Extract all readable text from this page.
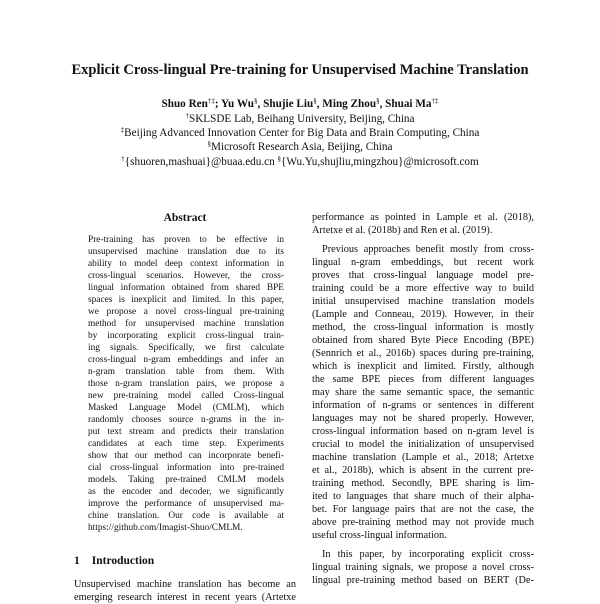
Explicit Cross-lingual Pre-training for Unsupervised Machine Translation
Shuo Ren†‡; Yu Wu§, Shujie Liu§, Ming Zhou§, Shuai Ma†‡
†SKLSDE Lab, Beihang University, Beijing, China
‡Beijing Advanced Innovation Center for Big Data and Brain Computing, China
§Microsoft Research Asia, Beijing, China
†{shuoren,mashuai}@buaa.edu.cn §{Wu.Yu,shujliu,mingzhou}@microsoft.com
Abstract
Pre-training has proven to be effective in
unsupervised machine translation due to its
ability to model deep context information in
cross-lingual scenarios. However, the cross-
lingual information obtained from shared BPE
spaces is inexplicit and limited. In this paper,
we propose a novel cross-lingual pre-training
method for unsupervised machine translation
by incorporating explicit cross-lingual train-
ing signals. Specifically, we first calculate
cross-lingual n-gram embeddings and infer an
n-gram translation table from them. With
those n-gram translation pairs, we propose a
new pre-training model called Cross-lingual
Masked Language Model (CMLM), which
randomly chooses source n-grams in the in-
put text stream and predicts their translation
candidates at each time step. Experiments
show that our method can incorporate benefi-
cial cross-lingual information into pre-trained
models. Taking pre-trained CMLM models
as the encoder and decoder, we significantly
improve the performance of unsupervised ma-
chine translation. Our code is available at
https://github.com/Imagist-Shuo/CMLM.
1 Introduction
Unsupervised machine translation has become an
emerging research interest in recent years (Artetxe
performance as pointed in Lample et al. (2018),
Artetxe et al. (2018b) and Ren et al. (2019).
Previous approaches benefit mostly from cross-
lingual n-gram embeddings, but recent work
proves that cross-lingual language model pre-
training could be a more effective way to build
initial unsupervised machine translation models
(Lample and Conneau, 2019). However, in their
method, the cross-lingual information is mostly
obtained from shared Byte Piece Encoding (BPE)
(Sennrich et al., 2016b) spaces during pre-training,
which is inexplicit and limited. Firstly, although
the same BPE pieces from different languages
may share the same semantic space, the semantic
information of n-grams or sentences in different
languages may not be shared properly. However,
cross-lingual information based on n-gram level is
crucial to model the initialization of unsupervised
machine translation (Lample et al., 2018; Artetxe
et al., 2018b), which is absent in the current pre-
training method. Secondly, BPE sharing is lim-
ited to languages that share much of their alpha-
bet. For language pairs that are not the case, the
above pre-training method may not provide much
useful cross-lingual information.
In this paper, by incorporating explicit cross-
lingual training signals, we propose a novel cross-
lingual pre-training method based on BERT (De-
